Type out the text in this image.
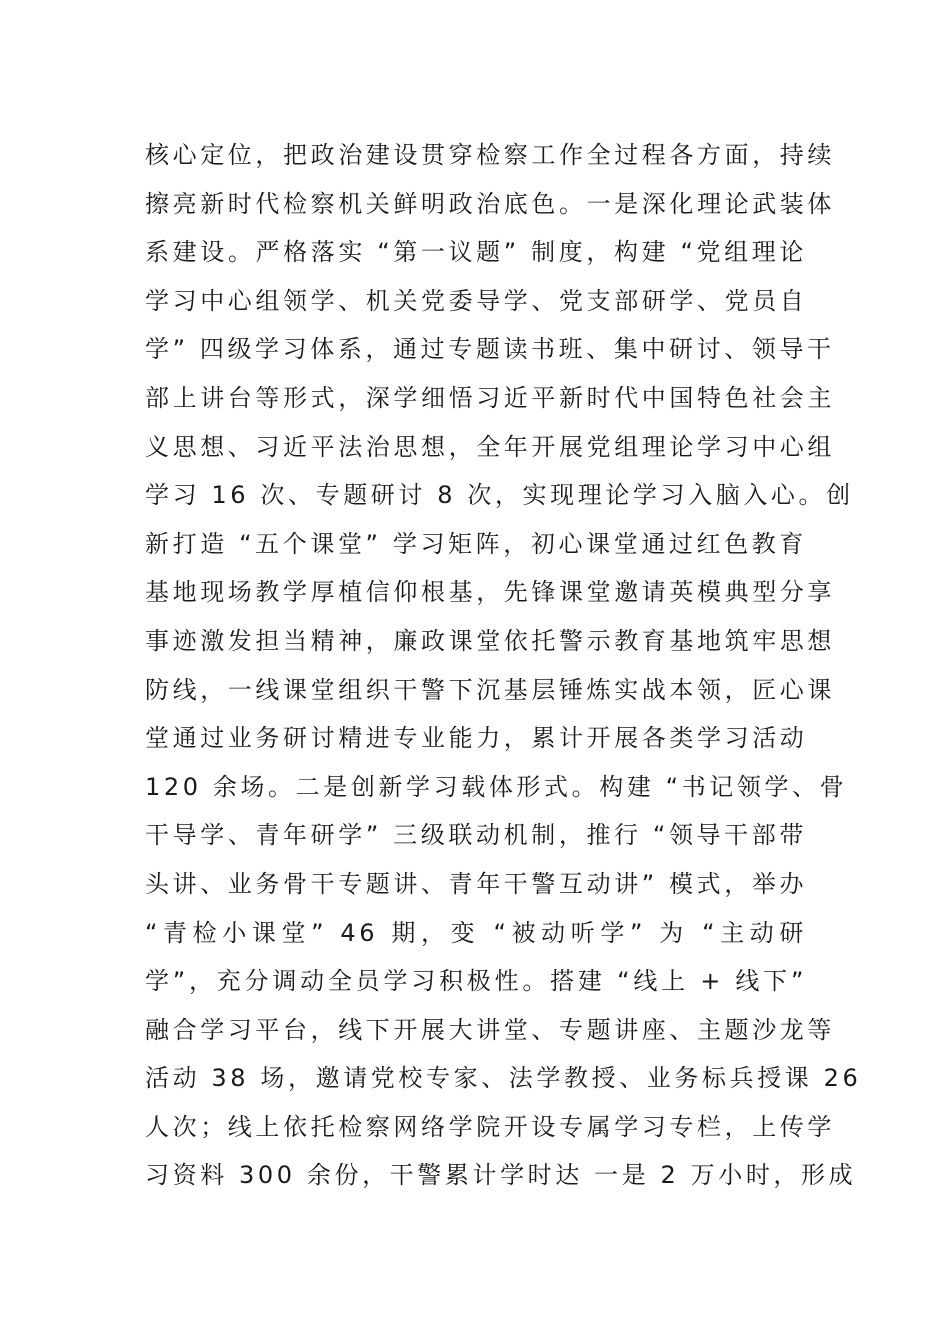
核心定位，把政治建设贯穿检察工作全过程各方面，持续
擦亮新时代检察机关鲜明政治底色。一是深化理论武装体
系建设。严格落实 “第一议题” 制度，构建 “党组理论
学习中心组领学、机关党委导学、党支部研学、党员自
学” 四级学习体系，通过专题读书班、集中研讨、领导干
部上讲台等形式，深学细悟习近平新时代中国特色社会主
义思想、习近平法治思想，全年开展党组理论学习中心组
学习 16 次、专题研讨 8 次，实现理论学习入脑入心。创
新打造 “五个课堂” 学习矩阵，初心课堂通过红色教育
基地现场教学厚植信仰根基，先锋课堂邀请英模典型分享
事迹激发担当精神，廉政课堂依托警示教育基地筑牢思想
防线，一线课堂组织干警下沉基层锤炼实战本领，匠心课
堂通过业务研讨精进专业能力，累计开展各类学习活动
120 余场。二是创新学习载体形式。构建 “书记领学、骨
干导学、青年研学” 三级联动机制，推行 “领导干部带
头讲、业务骨干专题讲、青年干警互动讲” 模式，举办
“青检小课堂” 46 期，变 “被动听学” 为 “主动研
学”，充分调动全员学习积极性。搭建 “线上 + 线下”
融合学习平台，线下开展大讲堂、专题讲座、主题沙龙等
活动 38 场，邀请党校专家、法学教授、业务标兵授课 26
人次；线上依托检察网络学院开设专属学习专栏，上传学
习资料 300 余份，干警累计学时达 一是 2 万小时，形成
